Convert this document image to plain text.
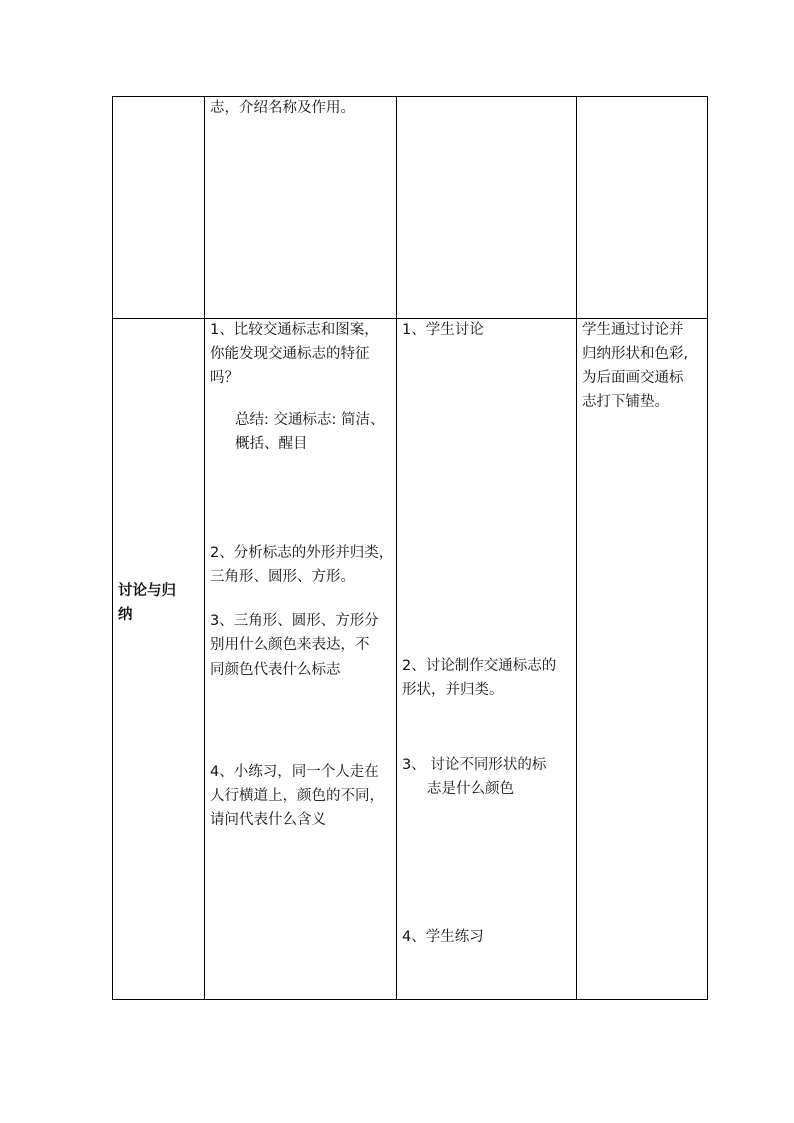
志，介绍名称及作用。
讨论与归
纳
1、比较交通标志和图案，
你能发现交通标志的特征
吗？
总结: 交通标志: 简洁、
概括、醒目
2、分析标志的外形并归类，
三角形、圆形、方形。
3、三角形、圆形、方形分
别用什么颜色来表达，不
同颜色代表什么标志
4、小练习，同一个人走在
人行横道上，颜色的不同，
请问代表什么含义
1、学生讨论
2、讨论制作交通标志的
形状，并归类。
3、 讨论不同形状的标
志是什么颜色
4、学生练习
学生通过讨论并
归纳形状和色彩,
为后面画交通标
志打下铺垫。
